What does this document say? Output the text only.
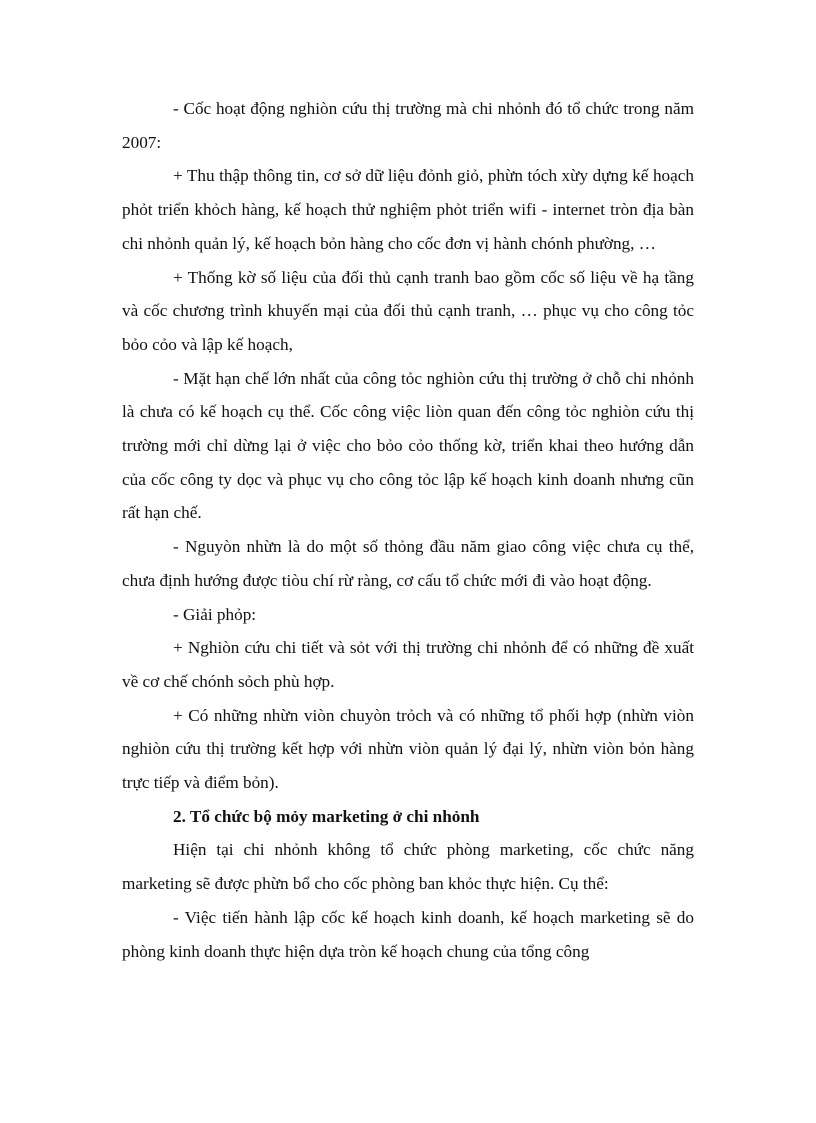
- Cốc hoạt động nghiòn cứu thị trường mà chi nhỏnh đó tổ chức trong năm 2007:

+ Thu thập thông tin, cơ sở dữ liệu đỏnh giỏ, phừn tóch xừy dựng kế hoạch phỏt triển khỏch hàng, kế hoạch thử nghiệm phỏt triển wifi - internet tròn địa bàn chi nhỏnh quản lý, kế hoạch bỏn hàng cho cốc đơn vị hành chónh phường, …

+ Thống kờ số liệu của đối thủ cạnh tranh bao gồm cốc số liệu về hạ tầng và cốc chương trình khuyến mại của đối thủ cạnh tranh, … phục vụ cho công tỏc bỏo cỏo và lập kế hoạch,

- Mặt hạn chế lớn nhất của công tỏc nghiòn cứu thị trường ở chỗ chi nhỏnh là chưa có kế hoạch cụ thể. Cốc công việc liòn quan đến công tỏc nghiòn cứu thị trường mới chỉ dừng lại ở việc cho bỏo cỏo thống kờ, triển khai theo hướng dẫn của cốc công ty dọc và phục vụ cho công tỏc lập kế hoạch kinh doanh nhưng cũn rất hạn chế.

- Nguyòn nhừn là do một số thỏng đầu năm giao công việc chưa cụ thể, chưa định hướng được tiòu chí rừ ràng, cơ cấu tổ chức mới đi vào hoạt động.

- Giải phỏp:

+ Nghiòn cứu chi tiết và sỏt với thị trường chi nhỏnh để có những đề xuất về cơ chế chónh sỏch phù hợp.

+ Có những nhừn viòn chuyòn trỏch và có những tổ phối hợp (nhừn viòn nghiòn cứu thị trường kết hợp với nhừn viòn quản lý đại lý, nhừn viòn bỏn hàng trực tiếp và điểm bỏn).

2. Tổ chức bộ mỏy marketing ở chi nhỏnh

Hiện tại chi nhỏnh không tổ chức phòng marketing, cốc chức năng marketing sẽ được phừn bổ cho cốc phòng ban khỏc thực hiện. Cụ thể:

- Việc tiến hành lập cốc kế hoạch kinh doanh, kế hoạch marketing sẽ do phòng kinh doanh thực hiện dựa tròn kế hoạch chung của tổng công
